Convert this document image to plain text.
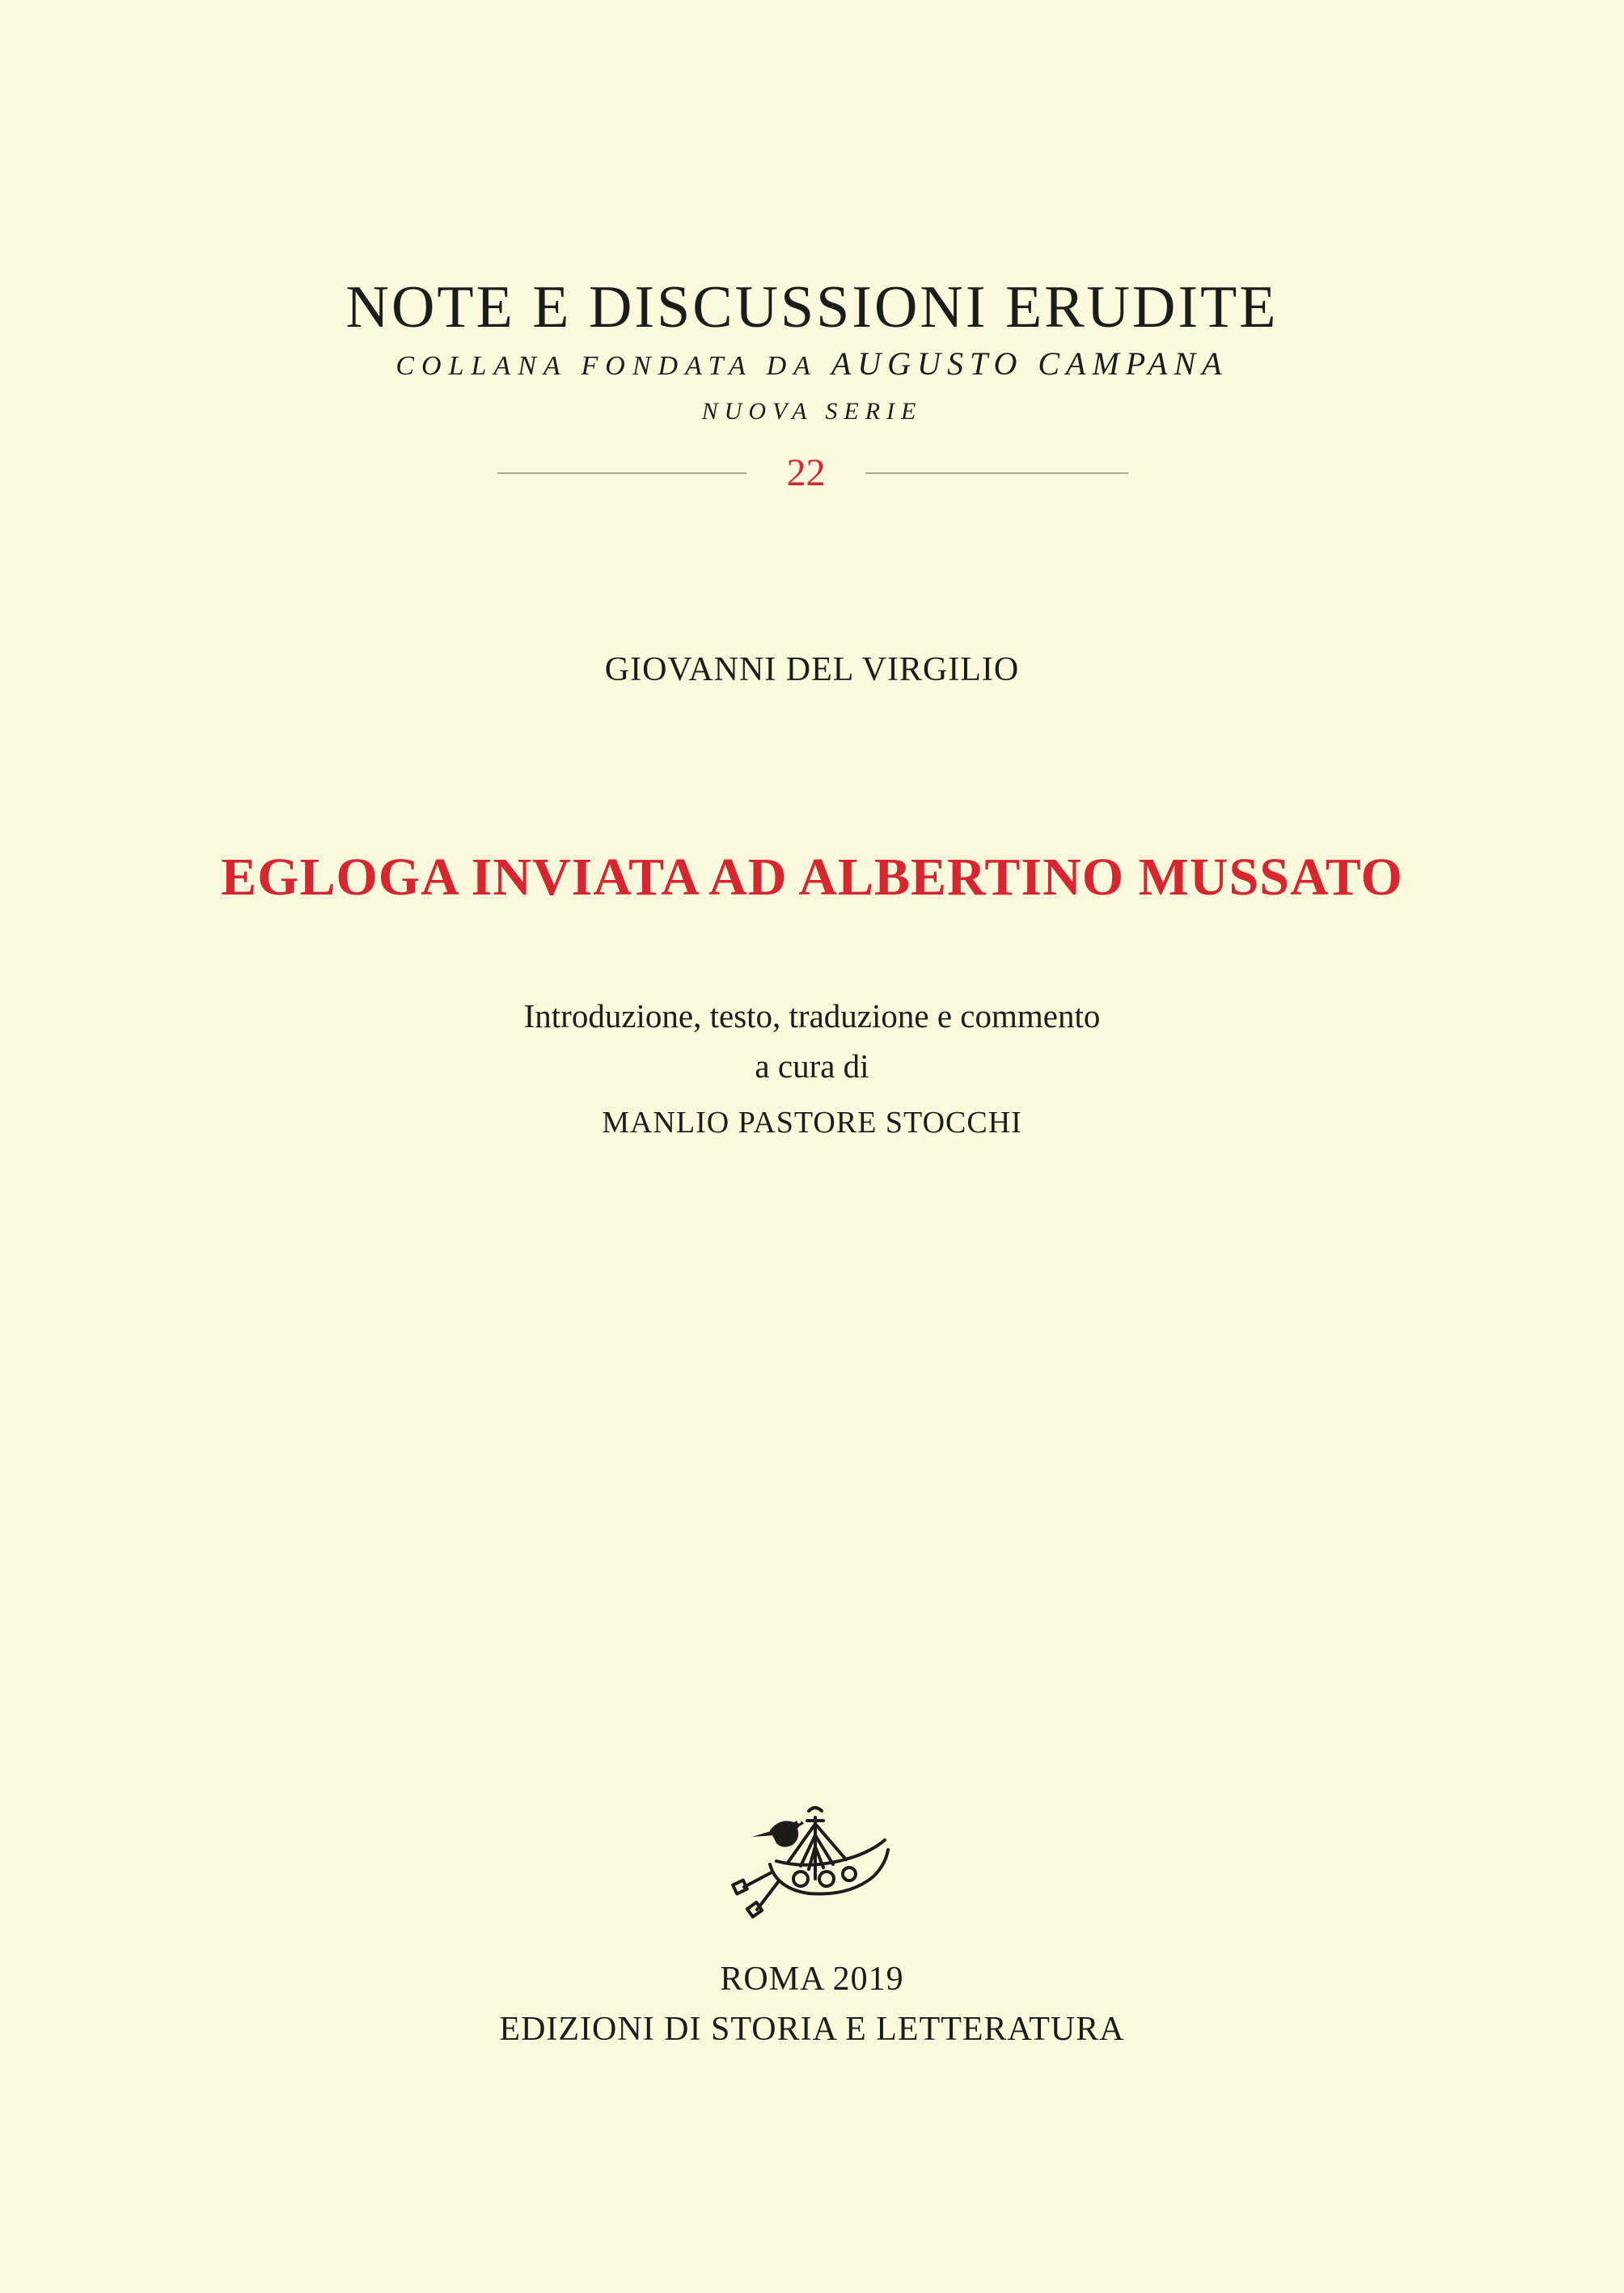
NOTE E DISCUSSIONI ERUDITE
COLLANA FONDATA DA AUGUSTO CAMPANA
NUOVA SERIE
22
GIOVANNI DEL VIRGILIO
EGLOGA INVIATA AD ALBERTINO MUSSATO
Introduzione, testo, traduzione e commento
a cura di
MANLIO PASTORE STOCCHI
ROMA 2019
EDIZIONI DI STORIA E LETTERATURA
